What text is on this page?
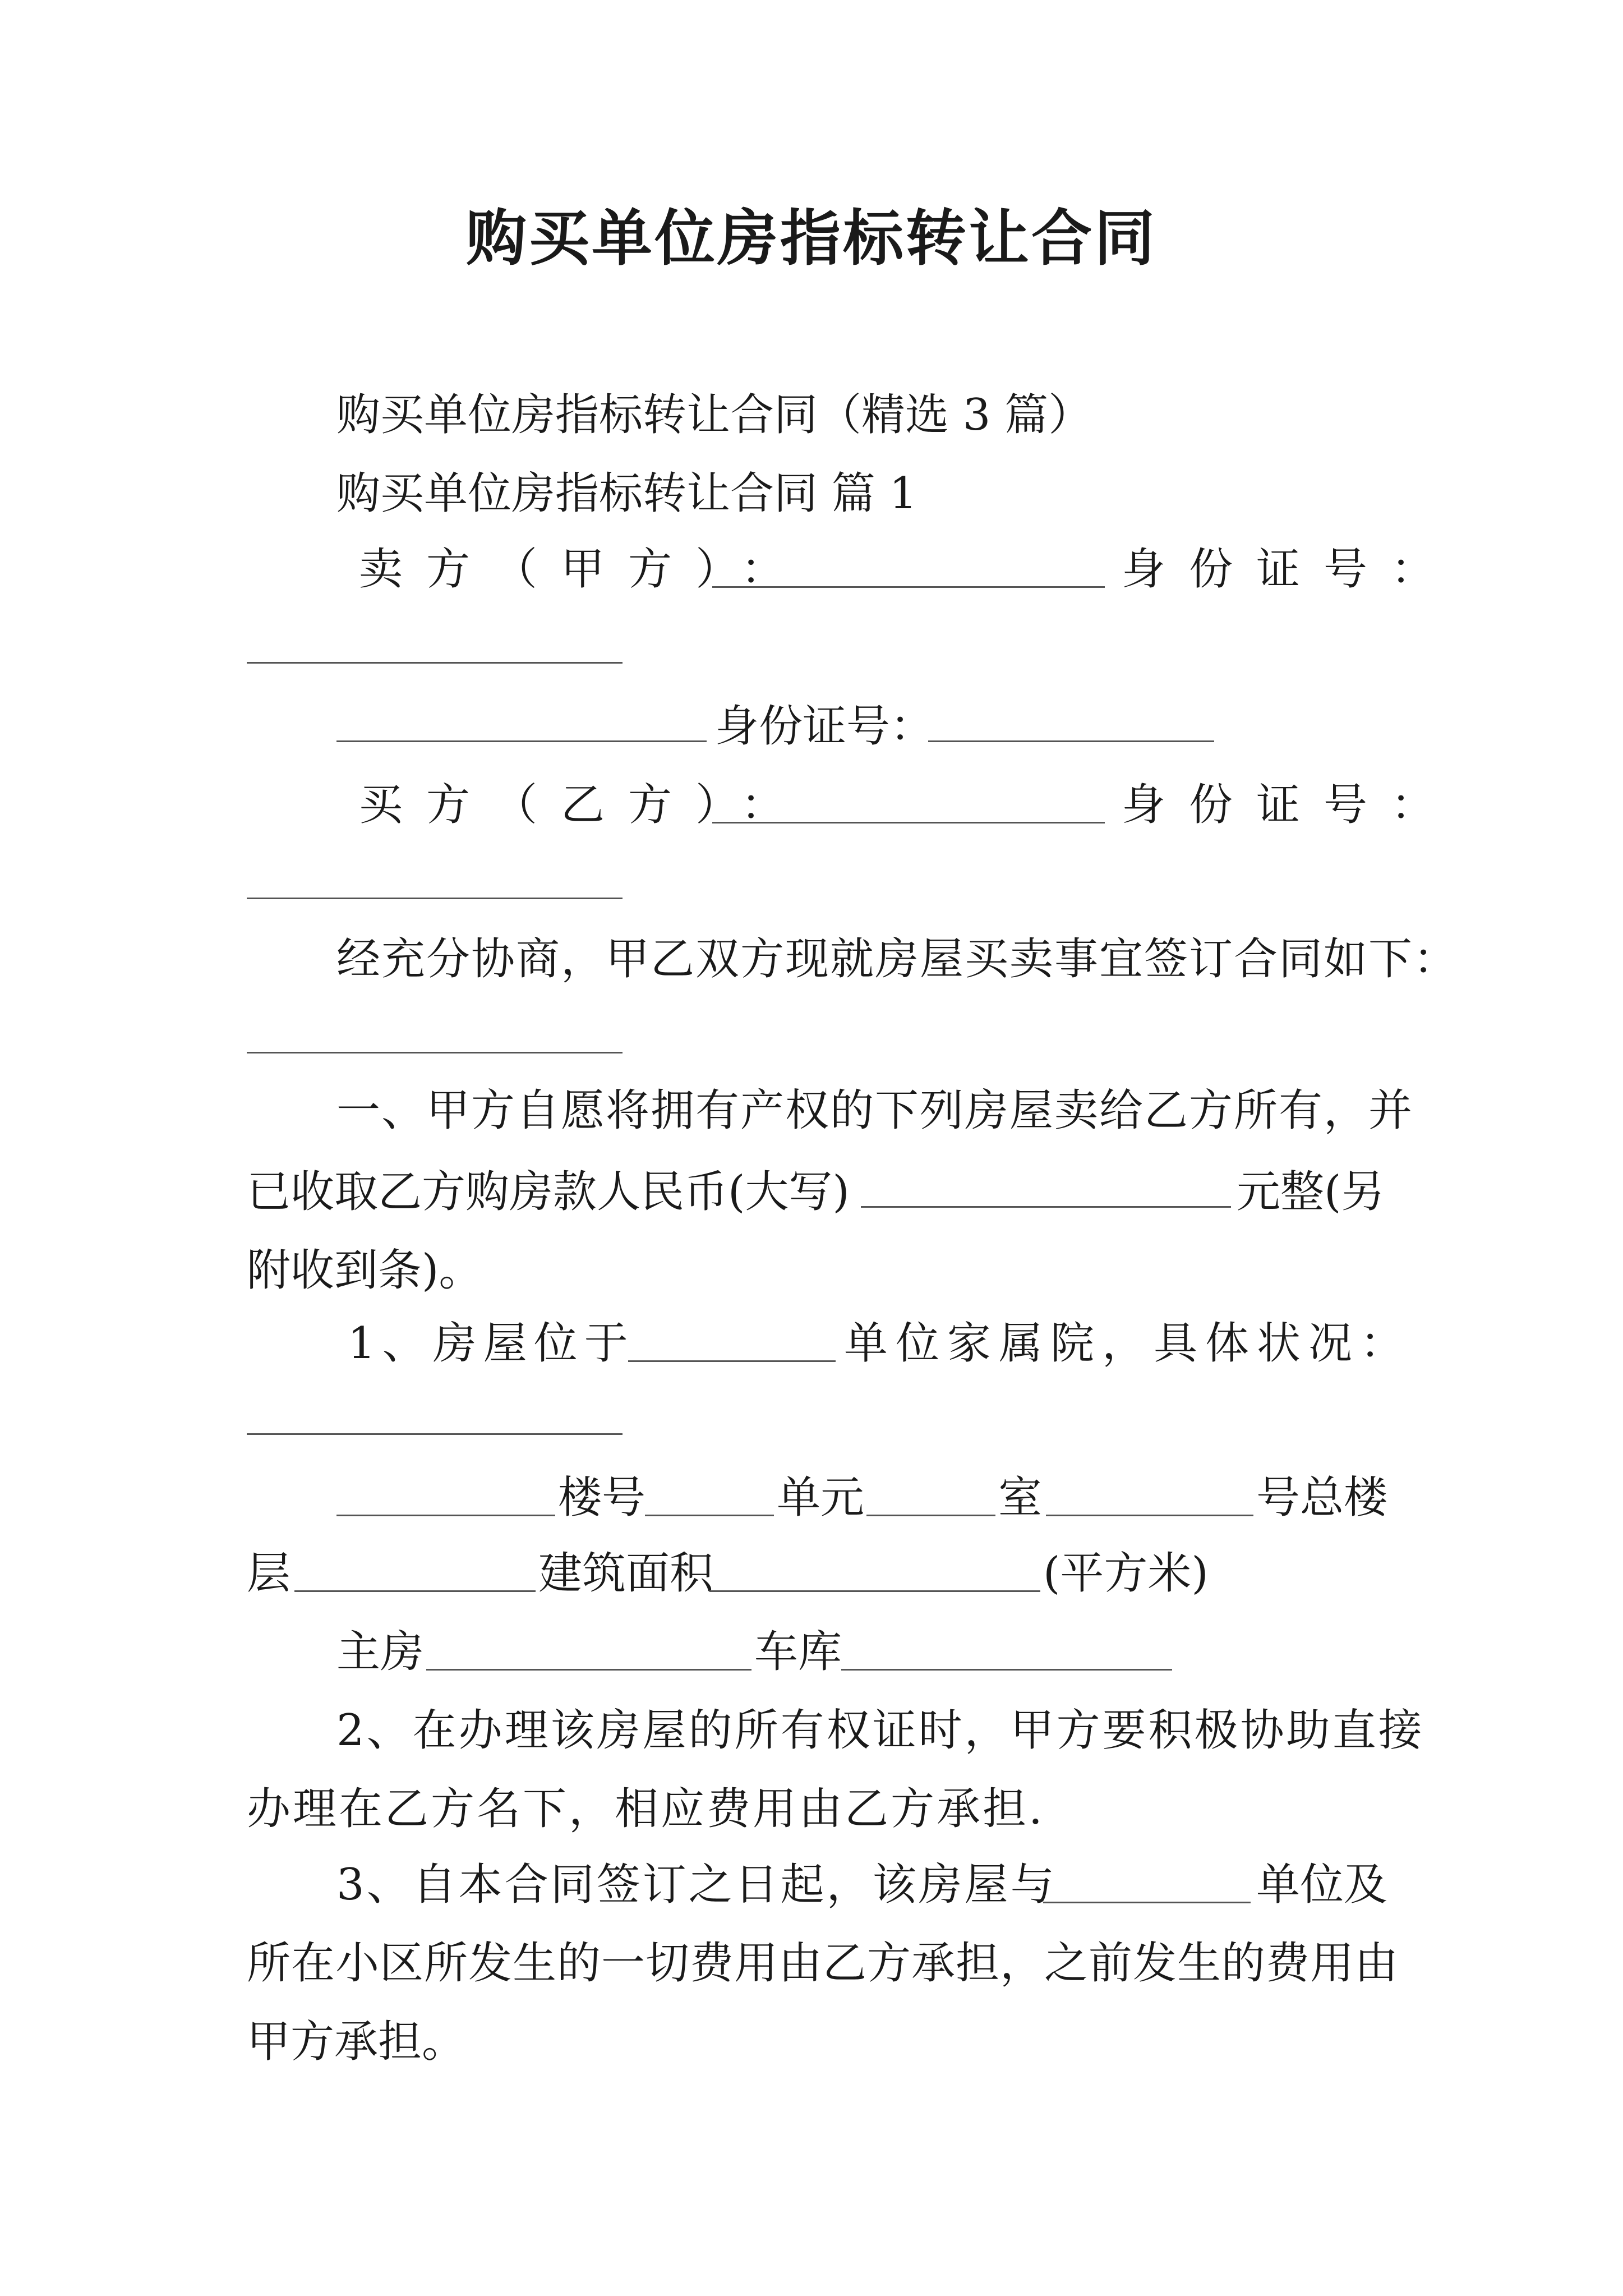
购买单位房指标转让合同
购买单位房指标转让合同（精选 3 篇）
购买单位房指标转让合同 篇 1
卖方（甲方）：	身份证号：
身份证号：
买方（乙方）：	身份证号：
经充分协商，甲乙双方现就房屋买卖事宜签订合同如下：
一、甲方自愿将拥有产权的下列房屋卖给乙方所有，并
已收取乙方购房款人民币(大写)	元整(另
附收到条)。
1、房屋位于	单位家属院，具体状况：
楼号	单元	室	号总楼
层	建筑面积	(平方米)
主房	车库
2、在办理该房屋的所有权证时，甲方要积极协助直接
办理在乙方名下，相应费用由乙方承担.
3、自本合同签订之日起，该房屋与	单位及
所在小区所发生的一切费用由乙方承担，之前发生的费用由
甲方承担。
